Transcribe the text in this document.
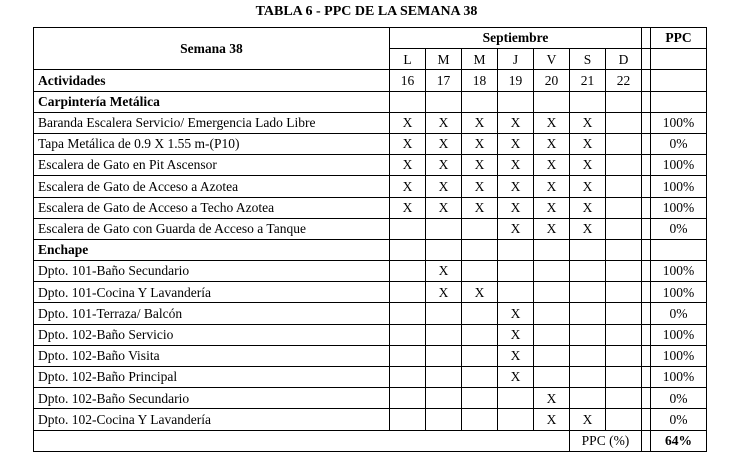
TABLA 6 - PPC DE LA SEMANA 38
Semana 38	Septiembre								PPC
	L	M	M	J	V	S	D		
Actividades	16	17	18	19	20	21	22		
Carpintería Metálica									
Baranda Escalera Servicio/ Emergencia Lado Libre	X	X	X	X	X	X			100%
Tapa Metálica de 0.9 X 1.55 m-(P10)	X	X	X	X	X	X			0%
Escalera de Gato en Pit Ascensor	X	X	X	X	X	X			100%
Escalera de Gato de Acceso a Azotea	X	X	X	X	X	X			100%
Escalera de Gato de Acceso a Techo Azotea	X	X	X	X	X	X			100%
Escalera de Gato con Guarda de Acceso a Tanque				X	X	X			0%
Enchape									
Dpto. 101-Baño Secundario		X							100%
Dpto. 101-Cocina Y Lavandería		X	X						100%
Dpto. 101-Terraza/ Balcón				X					0%
Dpto. 102-Baño Servicio				X					100%
Dpto. 102-Baño Visita				X					100%
Dpto. 102-Baño Principal				X					100%
Dpto. 102-Baño Secundario					X				0%
Dpto. 102-Cocina Y Lavandería					X	X			0%
						PPC (%)			64%
